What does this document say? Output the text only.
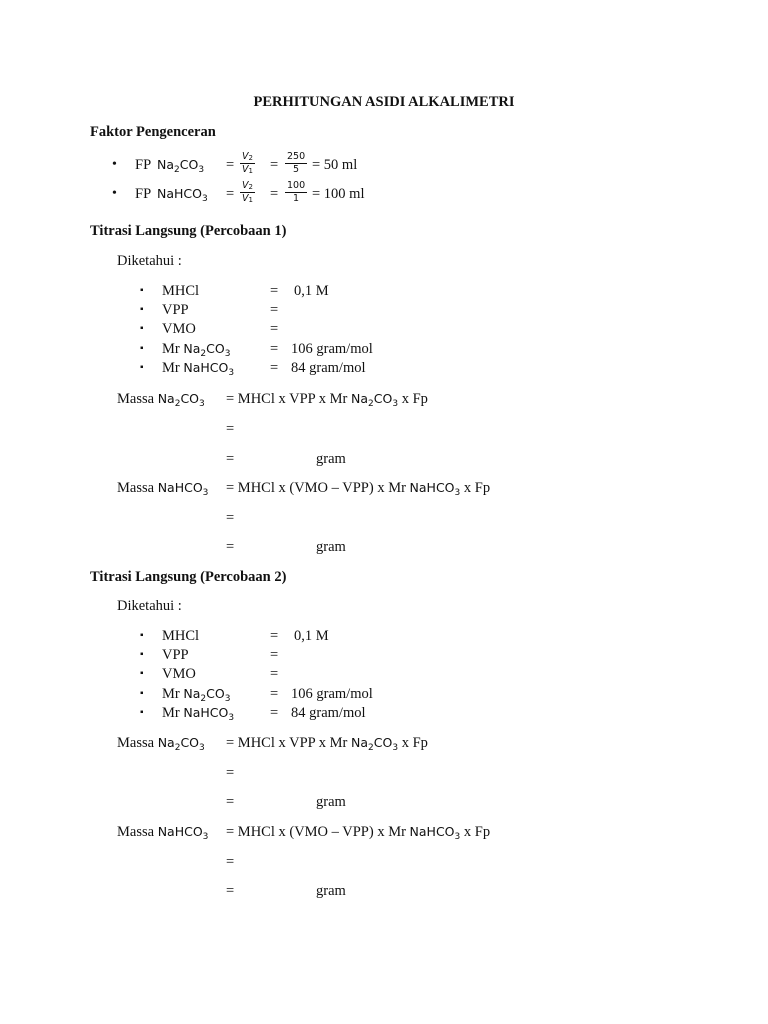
PERHITUNGAN ASIDI ALKALIMETRI
Faktor Pengenceran
• FP $Na_2CO_3 = \frac{V_2}{V_1} = \frac{250}{5} = 50$ ml
• FP NaHCO$_3$ = $\frac{V_2}{V_1} = \frac{100}{1} = 100$ ml
Titrasi Langsung (Percobaan 1)
Diketahui :
▪ MHCl	= 0,1 M
▪ VPP	=
▪ VMO	=
▪ Mr $Na_2CO_3$	= 106 gram/mol
▪ Mr NaHCO$_3$ = 84 gram/mol
Massa $Na_2CO_3$ = MHCl x VPP x Mr $Na_2CO_3$ x Fp
=
=	gram
Massa NaHCO$_3$ = MHCl x (VMO – VPP) x Mr NaHCO$_3$ x Fp
=
=	gram
Titrasi Langsung (Percobaan 2)
Diketahui :
▪ MHCl	= 0,1 M
▪ VPP	=
▪ VMO	=
▪ Mr $Na_2CO_3$	= 106 gram/mol
▪ Mr NaHCO$_3$ = 84 gram/mol
Massa $Na_2CO_3$ = MHCl x VPP x Mr $Na_2CO_3$ x Fp
=
=	gram
Massa NaHCO$_3$ = MHCl x (VMO – VPP) x Mr NaHCO$_3$ x Fp
=
=	gram
